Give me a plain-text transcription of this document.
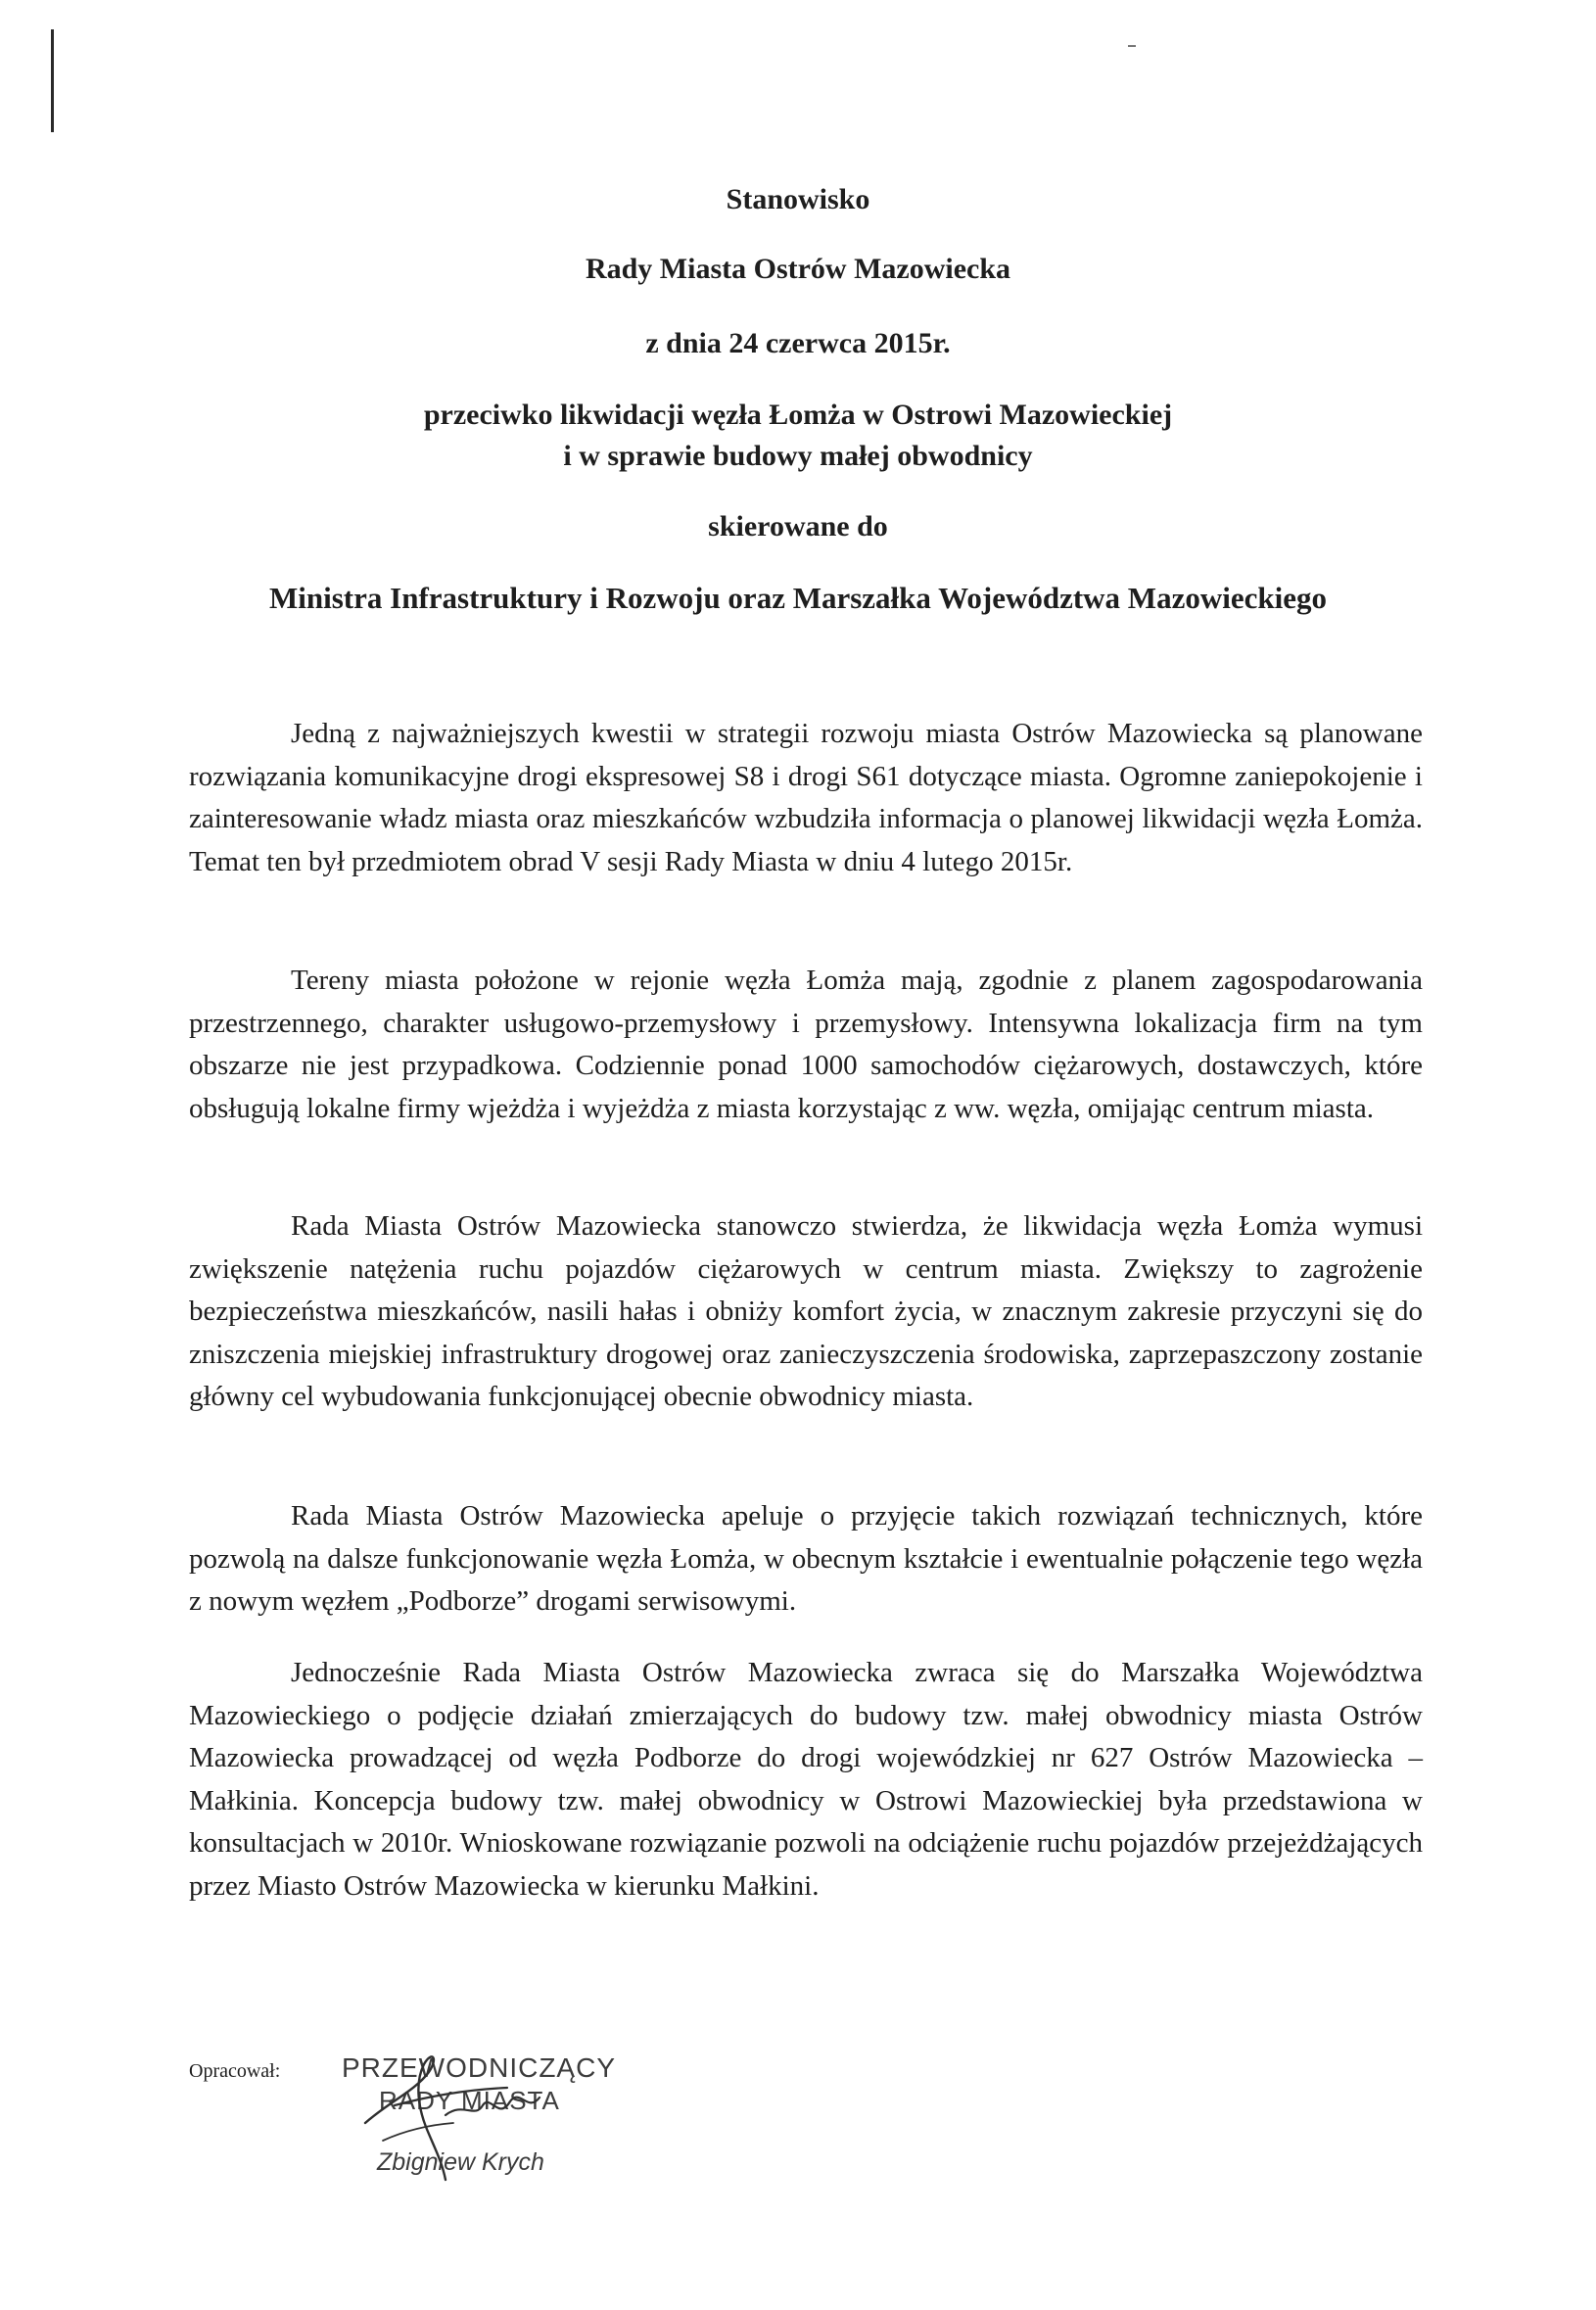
Stanowisko
Rady Miasta Ostrów Mazowiecka
z dnia 24 czerwca 2015r.
przeciwko likwidacji węzła Łomża w Ostrowi Mazowieckiej
i w sprawie budowy małej obwodnicy
skierowane do
Ministra Infrastruktury i Rozwoju oraz Marszałka Województwa Mazowieckiego

Jedną z najważniejszych kwestii w strategii rozwoju miasta Ostrów Mazowiecka są planowane rozwiązania komunikacyjne drogi ekspresowej S8 i drogi S61 dotyczące miasta. Ogromne zaniepokojenie i zainteresowanie władz miasta oraz mieszkańców wzbudziła informacja o planowej likwidacji węzła Łomża. Temat ten był przedmiotem obrad V sesji Rady Miasta w dniu 4 lutego 2015r.

Tereny miasta położone w rejonie węzła Łomża mają, zgodnie z planem zagospodarowania przestrzennego, charakter usługowo-przemysłowy i przemysłowy. Intensywna lokalizacja firm na tym obszarze nie jest przypadkowa. Codziennie ponad 1000 samochodów ciężarowych, dostawczych, które obsługują lokalne firmy wjeżdża i wyjeżdża z miasta korzystając z ww. węzła, omijając centrum miasta.

Rada Miasta Ostrów Mazowiecka stanowczo stwierdza, że likwidacja węzła Łomża wymusi zwiększenie natężenia ruchu pojazdów ciężarowych w centrum miasta. Zwiększy to zagrożenie bezpieczeństwa mieszkańców, nasili hałas i obniży komfort życia, w znacznym zakresie przyczyni się do zniszczenia miejskiej infrastruktury drogowej oraz zanieczyszczenia środowiska, zaprzepaszczony zostanie główny cel wybudowania funkcjonującej obecnie obwodnicy miasta.

Rada Miasta Ostrów Mazowiecka apeluje o przyjęcie takich rozwiązań technicznych, które pozwolą na dalsze funkcjonowanie węzła Łomża, w obecnym kształcie i ewentualnie połączenie tego węzła z nowym węzłem „Podborze” drogami serwisowymi.

Jednocześnie Rada Miasta Ostrów Mazowiecka zwraca się do Marszałka Województwa Mazowieckiego o podjęcie działań zmierzających do budowy tzw. małej obwodnicy miasta Ostrów Mazowiecka prowadzącej od węzła Podborze do drogi wojewódzkiej nr 627 Ostrów Mazowiecka – Małkinia. Koncepcja budowy tzw. małej obwodnicy w Ostrowi Mazowieckiej była przedstawiona w konsultacjach w 2010r. Wnioskowane rozwiązanie pozwoli na odciążenie ruchu pojazdów przejeżdżających przez Miasto Ostrów Mazowiecka w kierunku Małkini.

Opracował: PRZEWODNICZĄCY
RADY MIASTA
Zbigniew Krych
